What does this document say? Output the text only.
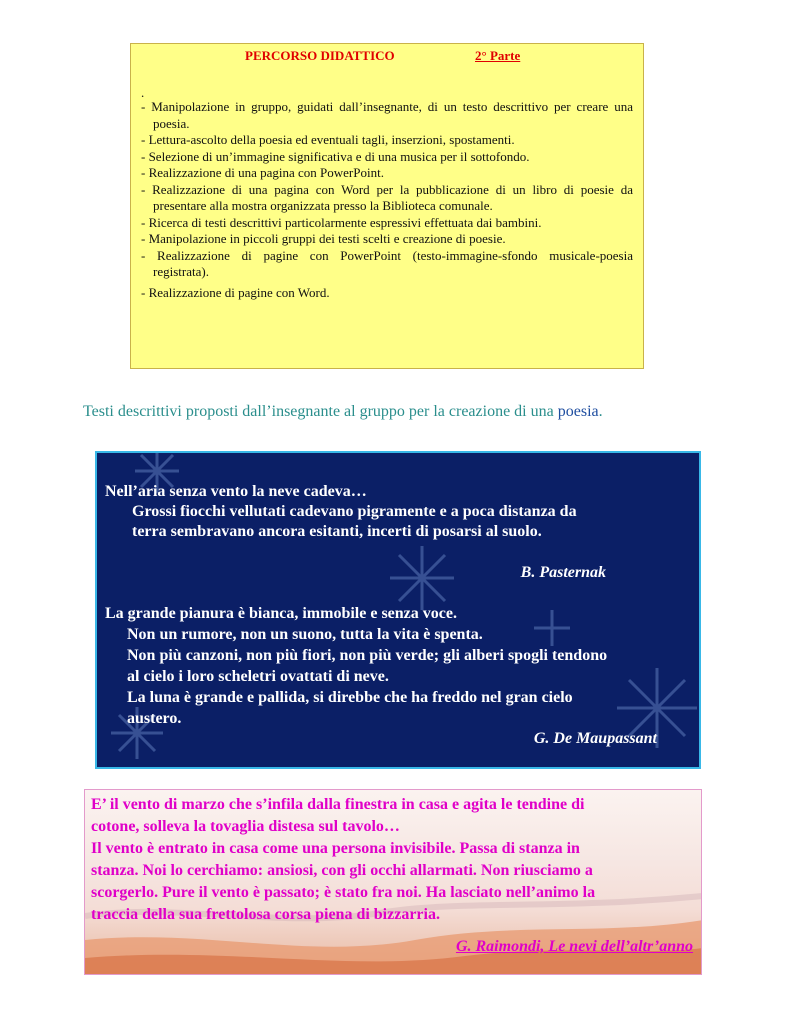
PERCORSO DIDATTICO	2° Parte
.
- Manipolazione in gruppo, guidati dall’insegnante, di un testo descrittivo per creare una poesia.
- Lettura-ascolto della poesia ed eventuali tagli, inserzioni, spostamenti.
- Selezione di un’immagine significativa e di una musica per il sottofondo.
- Realizzazione di una pagina con PowerPoint.
- Realizzazione di una pagina con Word per la pubblicazione di un libro di poesie da presentare alla mostra organizzata presso la Biblioteca comunale.
- Ricerca di testi descrittivi particolarmente espressivi effettuata dai bambini.
- Manipolazione in piccoli gruppi dei testi scelti e creazione di poesie.
- Realizzazione di pagine con PowerPoint (testo-immagine-sfondo musicale-poesia registrata).
- Realizzazione di pagine con Word.
Testi descrittivi proposti dall’insegnante al gruppo per la creazione di una poesia.
Nell’aria senza vento la neve cadeva…
Grossi fiocchi vellutati cadevano pigramente e a poca distanza da
terra sembravano ancora esitanti, incerti di posarsi al suolo.
B. Pasternak
La grande pianura è bianca, immobile e senza voce.
Non un rumore, non un suono, tutta la vita è spenta.
Non più canzoni, non più fiori, non più verde; gli alberi spogli tendono
al cielo i loro scheletri ovattati di neve.
La luna è grande e pallida, si direbbe che ha freddo nel gran cielo
austero.
G. De Maupassant
E’ il vento di marzo che s’infila dalla finestra in casa e agita le tendine di
cotone, solleva la tovaglia distesa sul tavolo…
Il vento è entrato in casa come una persona invisibile. Passa di stanza in
stanza. Noi lo cerchiamo: ansiosi, con gli occhi allarmati. Non riusciamo a
scorgerlo. Pure il vento è passato; è stato fra noi. Ha lasciato nell’animo la
traccia della sua frettolosa corsa piena di bizzarria.
G. Raimondi, Le nevi dell’altr’anno
